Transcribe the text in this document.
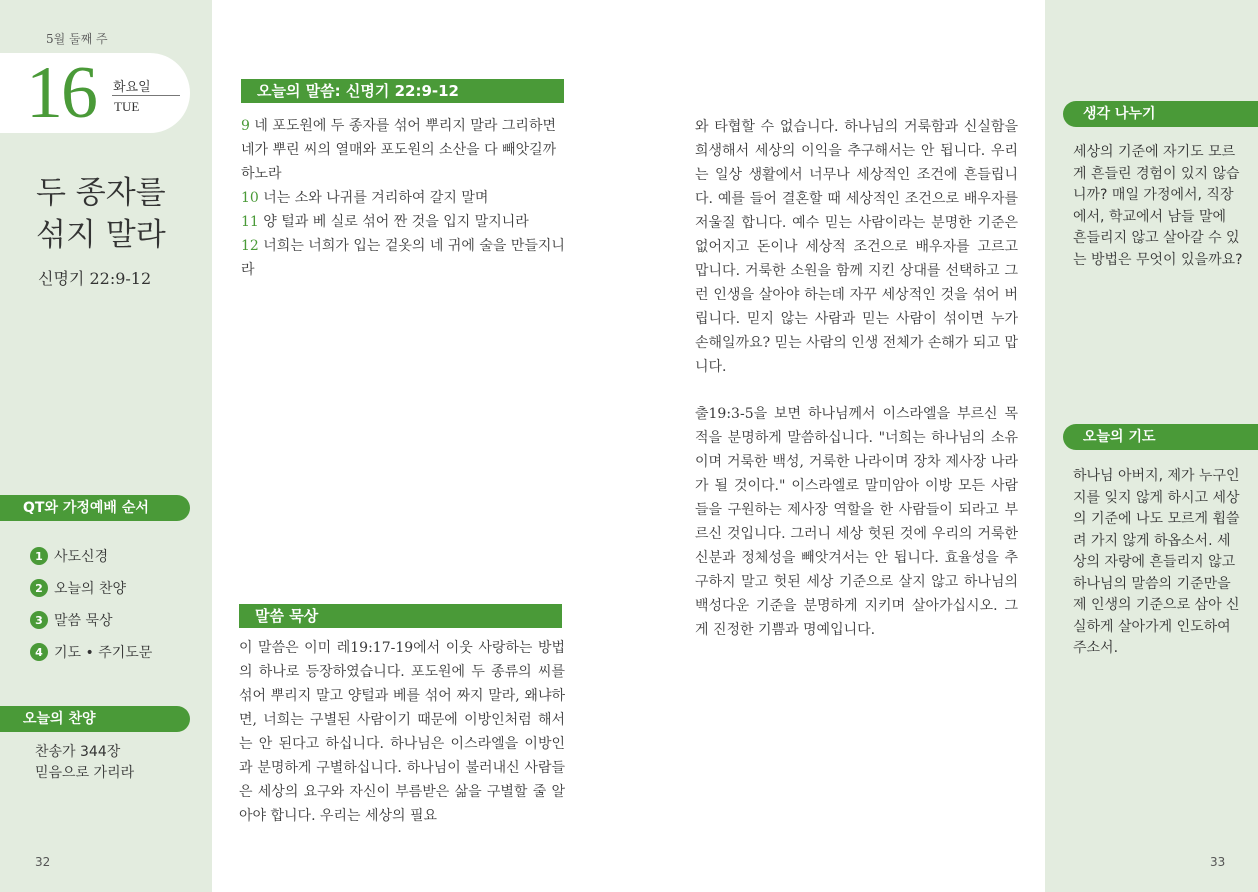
5월 둘째 주
16 화요일
TUE
두 종자를
섞지 말라
신명기 22:9-12
QT와 가정예배 순서
1 사도신경
2 오늘의 찬양
3 말씀 묵상
4 기도 • 주기도문
오늘의 찬양
찬송가 344장
믿음으로 가리라
32
오늘의 말씀: 신명기 22:9-12
9 네 포도원에 두 종자를 섞어 뿌리지 말라 그리하면 네가 뿌린 씨의 열매와 포도원의 소산을 다 빼앗길까 하노라
10 너는 소와 나귀를 겨리하여 갈지 말며
11 양 털과 베 실로 섞어 짠 것을 입지 말지니라
12 너희는 너희가 입는 겉옷의 네 귀에 술을 만들지니라
말씀 묵상
이 말씀은 이미 레19:17-19에서 이웃 사랑하는 방법의 하나로 등장하였습니다. 포도원에 두 종류의 씨를 섞어 뿌리지 말고 양털과 베를 섞어 짜지 말라, 왜냐하면, 너희는 구별된 사람이기 때문에 이방인처럼 해서는 안 된다고 하십니다. 하나님은 이스라엘을 이방인과 분명하게 구별하십니다. 하나님이 불러내신 사람들은 세상의 요구와 자신이 부름받은 삶을 구별할 줄 알아야 합니다. 우리는 세상의 필요
와 타협할 수 없습니다. 하나님의 거룩함과 신실함을 희생해서 세상의 이익을 추구해서는 안 됩니다. 우리는 일상 생활에서 너무나 세상적인 조건에 흔들립니다. 예를 들어 결혼할 때 세상적인 조건으로 배우자를 저울질 합니다. 예수 믿는 사람이라는 분명한 기준은 없어지고 돈이나 세상적 조건으로 배우자를 고르고 맙니다. 거룩한 소원을 함께 지킨 상대를 선택하고 그런 인생을 살아야 하는데 자꾸 세상적인 것을 섞어 버립니다. 믿지 않는 사람과 믿는 사람이 섞이면 누가 손해일까요? 믿는 사람의 인생 전체가 손해가 되고 맙니다.
출19:3-5을 보면 하나님께서 이스라엘을 부르신 목적을 분명하게 말씀하십니다. "너희는 하나님의 소유이며 거룩한 백성, 거룩한 나라이며 장차 제사장 나라가 될 것이다." 이스라엘로 말미암아 이방 모든 사람들을 구원하는 제사장 역할을 한 사람들이 되라고 부르신 것입니다. 그러니 세상 헛된 것에 우리의 거룩한 신분과 정체성을 빼앗겨서는 안 됩니다. 효율성을 추구하지 말고 헛된 세상 기준으로 살지 않고 하나님의 백성다운 기준을 분명하게 지키며 살아가십시오. 그게 진정한 기쁨과 명예입니다.
33
생각 나누기
세상의 기준에 자기도 모르게 흔들린 경험이 있지 않습니까? 매일 가정에서, 직장에서, 학교에서 남들 말에 흔들리지 않고 살아갈 수 있는 방법은 무엇이 있을까요?
오늘의 기도
하나님 아버지, 제가 누구인지를 잊지 않게 하시고 세상의 기준에 나도 모르게 휩쓸려 가지 않게 하옵소서. 세상의 자랑에 흔들리지 않고 하나님의 말씀의 기준만을 제 인생의 기준으로 삼아 신실하게 살아가게 인도하여 주소서.
